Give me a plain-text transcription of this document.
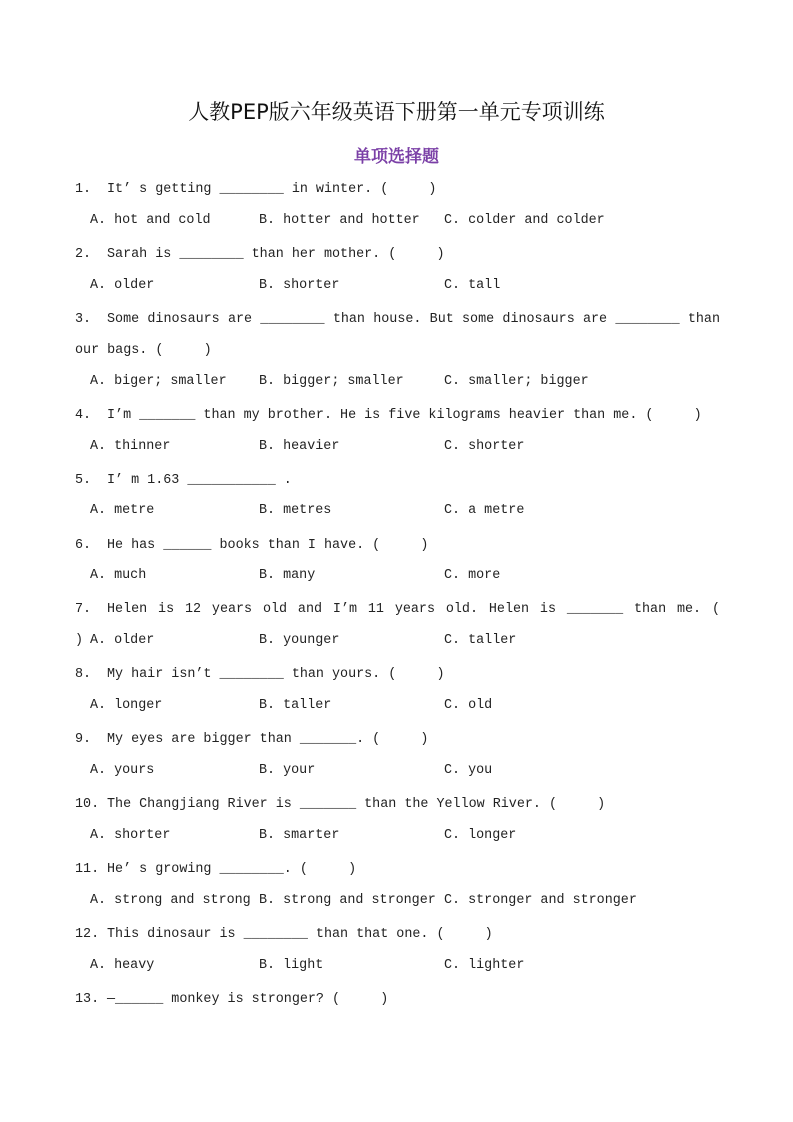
人教PEP版六年级英语下册第一单元专项训练
单项选择题
1. It’ s getting ________ in winter. (     )
A. hot and cold	B. hotter and hotter C. colder and colder
2. Sarah is ________ than her mother. (     )
A. older	B. shorter	C. tall
3. Some dinosaurs are ________ than house. But some dinosaurs are ________ than our bags. (     )
A. biger; smaller B. bigger; smaller	C. smaller; bigger
4. I’m _______ than my brother. He is five kilograms heavier than me. (     )
A. thinner	B. heavier	C. shorter
5. I’ m 1.63 ___________ .
A. metre	B. metres	C. a metre
6. He has ______ books than I have. (     )
A. much	B. many	C. more
7. Helen is 12 years old and I’m 11 years old. Helen is _______ than me. (     ) A. older	B. younger	C. taller
8. My hair isn’t ________ than yours. (     )
A. longer	B. taller	C. old
9. My eyes are bigger than _______. (     )
A. yours	B. your	C. you
10. The Changjiang River is _______ than the Yellow River. (     )
A. shorter	B. smarter	C. longer
11. He’ s growing ________. (     )
A. strong and strong B. strong and stronger C. stronger and stronger
12. This dinosaur is ________ than that one. (     )
A. heavy	B. light	C. lighter
13. —______ monkey is stronger? (     )
